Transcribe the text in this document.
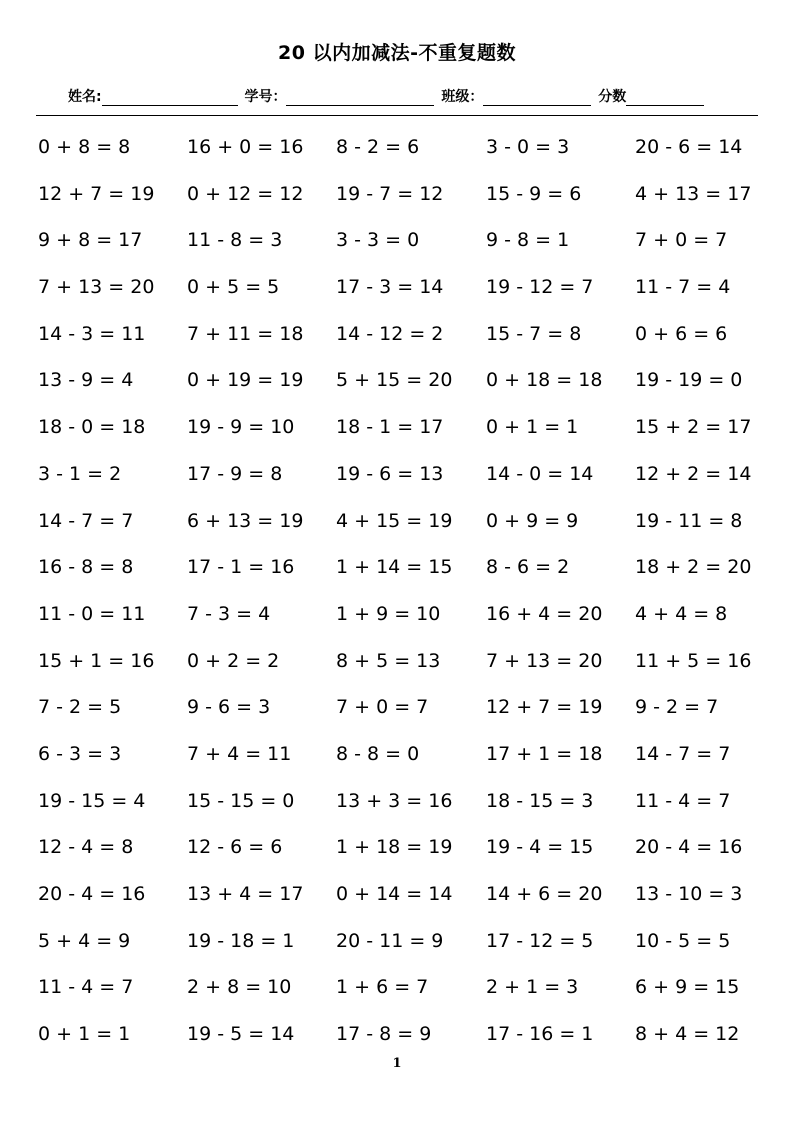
20 以内加减法-不重复题数
姓名:	学号：	班级：	分数
0 + 8 = 8	16 + 0 = 16 8 - 2 = 6	3 - 0 = 3	20 - 6 = 14
12 + 7 = 19 0 + 12 = 12 19 - 7 = 12 15 - 9 = 6	4 + 13 = 17
9 + 8 = 17 11 - 8 = 3	3 - 3 = 0	9 - 8 = 1	7 + 0 = 7
7 + 13 = 20 0 + 5 = 5	17 - 3 = 14 19 - 12 = 7 11 - 7 = 4
14 - 3 = 11 7 + 11 = 18 14 - 12 = 2 15 - 7 = 8	0 + 6 = 6
13 - 9 = 4	0 + 19 = 19 5 + 15 = 20 0 + 18 = 18 19 - 19 = 0
18 - 0 = 18 19 - 9 = 10 18 - 1 = 17 0 + 1 = 1	15 + 2 = 17
3 - 1 = 2	17 - 9 = 8	19 - 6 = 13 14 - 0 = 14 12 + 2 = 14
14 - 7 = 7	6 + 13 = 19 4 + 15 = 19 0 + 9 = 9	19 - 11 = 8
16 - 8 = 8	17 - 1 = 16 1 + 14 = 15 8 - 6 = 2	18 + 2 = 20
11 - 0 = 11 7 - 3 = 4	1 + 9 = 10 16 + 4 = 20 4 + 4 = 8
15 + 1 = 16 0 + 2 = 2	8 + 5 = 13 7 + 13 = 20 11 + 5 = 16
7 - 2 = 5	9 - 6 = 3	7 + 0 = 7	12 + 7 = 19 9 - 2 = 7
6 - 3 = 3	7 + 4 = 11 8 - 8 = 0	17 + 1 = 18 14 - 7 = 7
19 - 15 = 4 15 - 15 = 0 13 + 3 = 16 18 - 15 = 3 11 - 4 = 7
12 - 4 = 8	12 - 6 = 6	1 + 18 = 19 19 - 4 = 15 20 - 4 = 16
20 - 4 = 16 13 + 4 = 17 0 + 14 = 14 14 + 6 = 20 13 - 10 = 3
5 + 4 = 9	19 - 18 = 1 20 - 11 = 9 17 - 12 = 5 10 - 5 = 5
11 - 4 = 7	2 + 8 = 10 1 + 6 = 7	2 + 1 = 3	6 + 9 = 15
0 + 1 = 1	19 - 5 = 14 17 - 8 = 9	17 - 16 = 1 8 + 4 = 12
1
